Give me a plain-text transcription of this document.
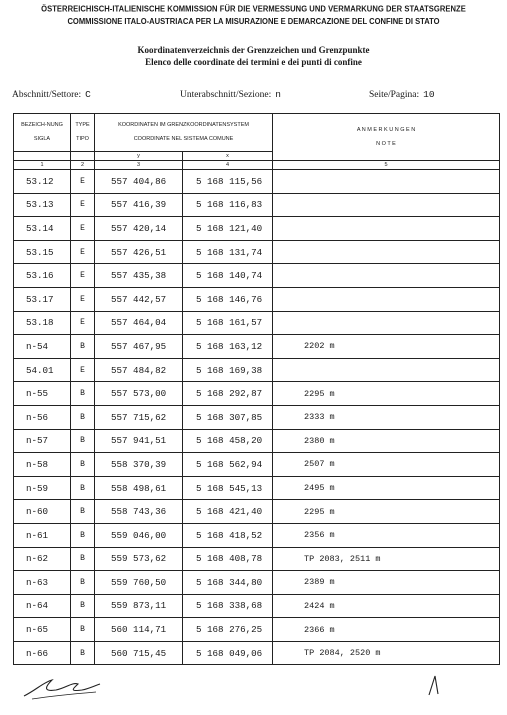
ÖSTERREICHISCH-ITALIENISCHE KOMMISSION FÜR DIE VERMESSUNG UND VERMARKUNG DER STAATSGRENZE
COMMISSIONE ITALO-AUSTRIACA PER LA MISURAZIONE E DEMARCAZIONE DEL CONFINE DI STATO
Koordinatenverzeichnis der Grenzzeichen und Grenzpunkte
Elenco delle coordinate dei termini e dei punti di confine
Abschnitt/Settore: C	Unterabschnitt/Sezione: n	Seite/Pagina: 10
BEZEICH-NUNG

SIGLA	TYPE

TIPO	KOORDINATEN IM GRENZKOORDINATENSYSTEM

COORDINATE NEL SISTEMA COMUNE		A N M E R K U N G E N

N O T E
		y	x	
1	2	3	4	5
53.12	E	557 404,86	5 168 115,56	
53.13	E	557 416,39	5 168 116,83	
53.14	E	557 420,14	5 168 121,40	
53.15	E	557 426,51	5 168 131,74	
53.16	E	557 435,38	5 168 140,74	
53.17	E	557 442,57	5 168 146,76	
53.18	E	557 464,04	5 168 161,57	
n-54	B	557 467,95	5 168 163,12	2202 m
54.01	E	557 484,82	5 168 169,38	
n-55	B	557 573,00	5 168 292,87	2295 m
n-56	B	557 715,62	5 168 307,85	2333 m
n-57	B	557 941,51	5 168 458,20	2380 m
n-58	B	558 370,39	5 168 562,94	2507 m
n-59	B	558 498,61	5 168 545,13	2495 m
n-60	B	558 743,36	5 168 421,40	2295 m
n-61	B	559 046,00	5 168 418,52	2356 m
n-62	B	559 573,62	5 168 408,78	TP 2083, 2511 m
n-63	B	559 760,50	5 168 344,80	2389 m
n-64	B	559 873,11	5 168 338,68	2424 m
n-65	B	560 114,71	5 168 276,25	2366 m
n-66	B	560 715,45	5 168 049,06	TP 2084, 2520 m
